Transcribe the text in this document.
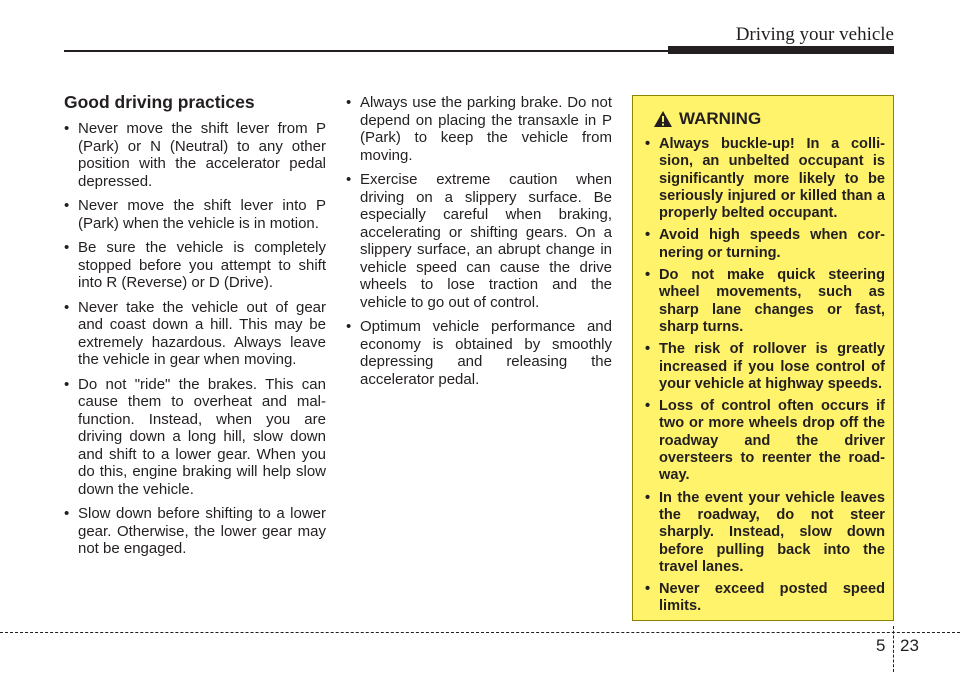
Driving your vehicle
Good driving practices
• Never move the shift lever from P (Park) or N (Neutral) to any other position with the accelerator pedal depressed.
• Never move the shift lever into P (Park) when the vehicle is in motion.
• Be sure the vehicle is completely stopped before you attempt to shift into R (Reverse) or D (Drive).
• Never take the vehicle out of gear and coast down a hill. This may be extremely hazardous. Always leave the vehicle in gear when moving.
• Do not "ride" the brakes. This can cause them to overheat and mal-function. Instead, when you are driving down a long hill, slow down and shift to a lower gear. When you do this, engine braking will help slow down the vehicle.
• Slow down before shifting to a lower gear. Otherwise, the lower gear may not be engaged.
• Always use the parking brake. Do not depend on placing the transaxle in P (Park) to keep the vehicle from moving.
• Exercise extreme caution when driving on a slippery surface. Be especially careful when braking, accelerating or shifting gears. On a slippery surface, an abrupt change in vehicle speed can cause the drive wheels to lose traction and the vehicle to go out of control.
• Optimum vehicle performance and economy is obtained by smoothly depressing and releasing the accelerator pedal.
WARNING
• Always buckle-up! In a colli-sion, an unbelted occupant is significantly more likely to be seriously injured or killed than a properly belted occupant.
• Avoid high speeds when cor-nering or turning.
• Do not make quick steering wheel movements, such as sharp lane changes or fast, sharp turns.
• The risk of rollover is greatly increased if you lose control of your vehicle at highway speeds.
• Loss of control often occurs if two or more wheels drop off the roadway and the driver oversteers to reenter the road-way.
• In the event your vehicle leaves the roadway, do not steer sharply. Instead, slow down before pulling back into the travel lanes.
• Never exceed posted speed limits.
5 23
